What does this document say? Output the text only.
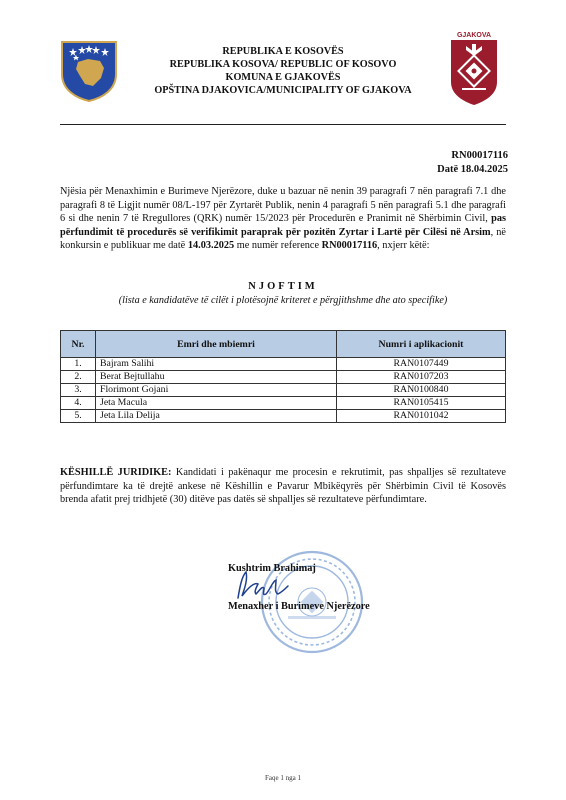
REPUBLIKA E KOSOVËS
REPUBLIKA KOSOVA/ REPUBLIC OF KOSOVO
KOMUNA E GJAKOVËS
OPŠTINA DJAKOVICA/MUNICIPALITY OF GJAKOVA
GJAKOVA
RN00017116
Datë 18.04.2025
Njësia për Menaxhimin e Burimeve Njerëzore, duke u bazuar në nenin 39 paragrafi 7 nën paragrafi 7.1 dhe paragrafi 8 të Ligjit numër 08/L-197 për Zyrtarët Publik, nenin 4 paragrafi 5 nën paragrafi 5.1 dhe paragrafi 6 si dhe nenin 7 të Rregullores (QRK) numër 15/2023 për Procedurën e Pranimit në Shërbimin Civil, pas përfundimit të procedurës së verifikimit paraprak për pozitën Zyrtar i Lartë për Cilësi në Arsim, në konkursin e publikuar me datë 14.03.2025 me numër reference RN00017116, nxjerr këtë:
NJOFTIM
(lista e kandidatëve të cilët i plotësojnë kriteret e përgjithshme dhe ato specifike)
Nr.	Emri dhe mbiemri	Numri i aplikacionit
1.	Bajram Salihi	RAN0107449
2.	Berat Bejtullahu	RAN0107203
3.	Florimont Gojani	RAN0100840
4.	Jeta Macula	RAN0105415
5.	Jeta Lila Delija	RAN0101042
KËSHILLË JURIDIKE: Kandidati i pakënaqur me procesin e rekrutimit, pas shpalljes së rezultateve përfundimtare ka të drejtë ankese në Këshillin e Pavarur Mbikëqyrës për Shërbimin Civil të Kosovës brenda afatit prej tridhjetë (30) ditëve pas datës së shpalljes së rezultateve përfundimtare.
Kushtrim Brahimaj
Menaxher i Burimeve Njerëzore
Faqe 1 nga 1
